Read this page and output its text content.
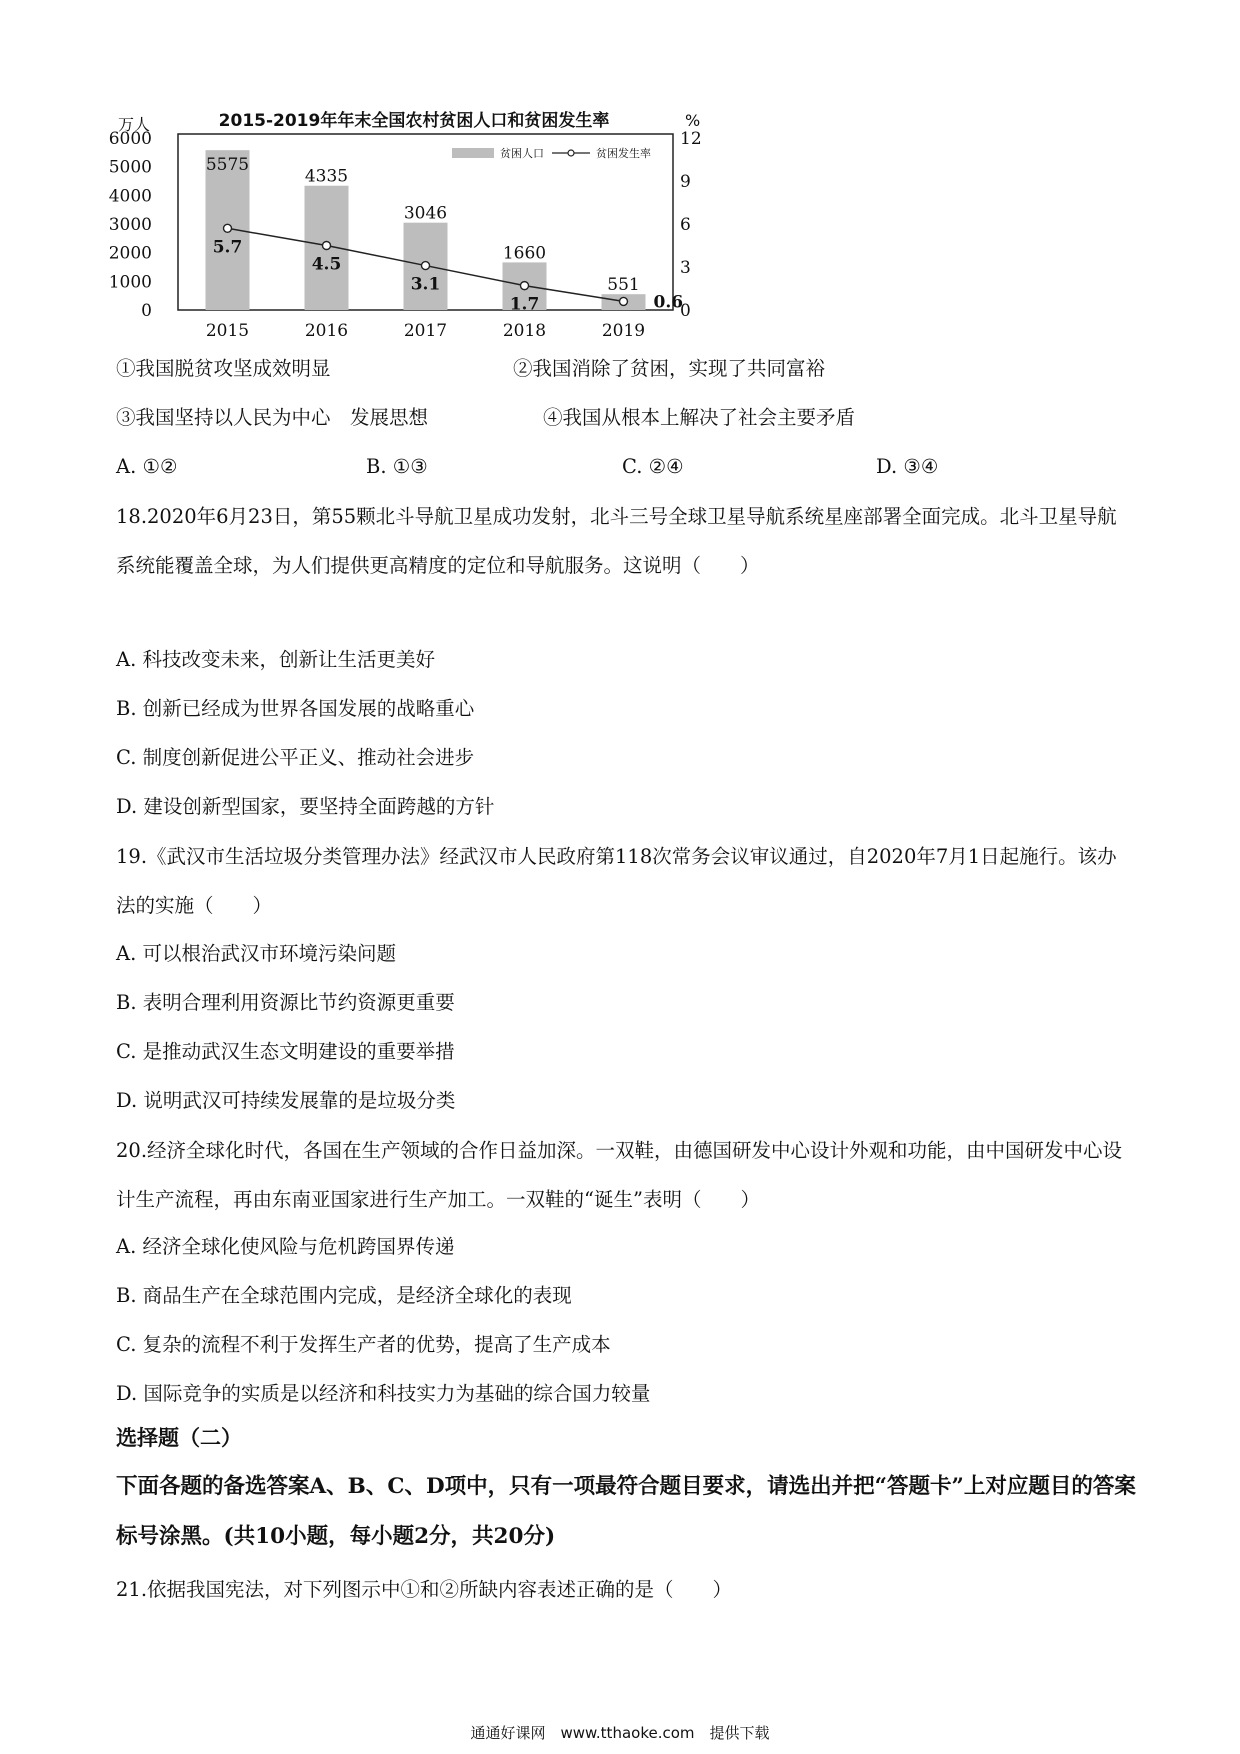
万人	2015-2019年年末全国农村贫困人口和贫困发生率	%
贫困人口	贫困发生率
5575
4335
3046
1660
551
5.7
4.5
3.1
1.7	0.6
0
1000
2000
3000
4000
5000
6000
0
3
6
9
12
2015	2016	2017	2018	2019
①我国脱贫攻坚成效明显	②我国消除了贫困，实现了共同富裕
③我国坚持以人民为中心　发展思想	④我国从根本上解决了社会主要矛盾
A. ①②	B. ①③	C. ②④	D. ③④
18.2020年6月23日，第55颗北斗导航卫星成功发射，北斗三号全球卫星导航系统星座部署全面完成。北斗卫星导航系统能覆盖全球，为人们提供更高精度的定位和导航服务。这说明（　　）
A. 科技改变未来，创新让生活更美好
B. 创新已经成为世界各国发展的战略重心
C. 制度创新促进公平正义、推动社会进步
D. 建设创新型国家，要坚持全面跨越的方针
19.《武汉市生活垃圾分类管理办法》经武汉市人民政府第118次常务会议审议通过，自2020年7月1日起施行。该办法的实施（　　）
A. 可以根治武汉市环境污染问题
B. 表明合理利用资源比节约资源更重要
C. 是推动武汉生态文明建设的重要举措
D. 说明武汉可持续发展靠的是垃圾分类
20.经济全球化时代，各国在生产领域的合作日益加深。一双鞋，由德国研发中心设计外观和功能，由中国研发中心设计生产流程，再由东南亚国家进行生产加工。一双鞋的“诞生”表明（　　）
A. 经济全球化使风险与危机跨国界传递
B. 商品生产在全球范围内完成，是经济全球化的表现
C. 复杂的流程不利于发挥生产者的优势，提高了生产成本
D. 国际竞争的实质是以经济和科技实力为基础的综合国力较量
选择题（二）
下面各题的备选答案A、B、C、D项中，只有一项最符合题目要求，请选出并把“答题卡”上对应题目的答案标号涂黑。(共10小题，每小题2分，共20分)
21.依据我国宪法，对下列图示中①和②所缺内容表述正确的是（　　）
通通好课网　www.tthaoke.com　提供下载
